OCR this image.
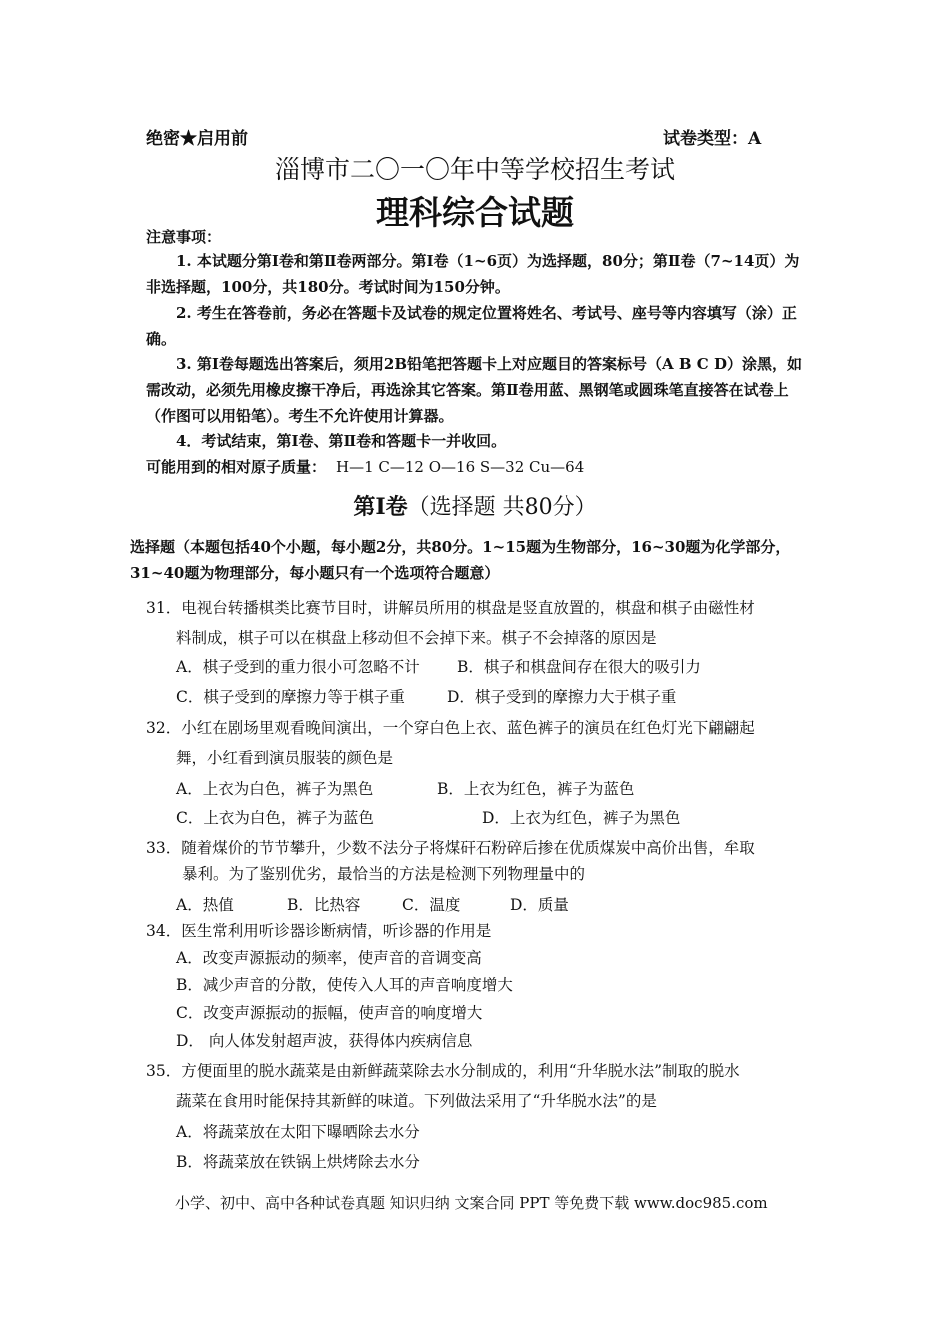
绝密★启用前	试卷类型：A
淄博市二〇一〇年中等学校招生考试
理科综合试题
注意事项：
1. 本试题分第Ⅰ卷和第Ⅱ卷两部分。第Ⅰ卷（1~6页）为选择题，80分；第Ⅱ卷（7~14页）为非选择题，100分，共180分。考试时间为150分钟。
2. 考生在答卷前，务必在答题卡及试卷的规定位置将姓名、考试号、座号等内容填写（涂）正确。
3. 第Ⅰ卷每题选出答案后，须用2B铅笔把答题卡上对应题目的答案标号（A B C D）涂黑，如需改动，必须先用橡皮擦干净后，再选涂其它答案。第Ⅱ卷用蓝、黑钢笔或圆珠笔直接答在试卷上（作图可以用铅笔）。考生不允许使用计算器。
4．考试结束，第Ⅰ卷、第Ⅱ卷和答题卡一并收回。
可能用到的相对原子质量： H—1 C—12 O—16 S—32 Cu—64
第Ⅰ卷（选择题 共80分）
选择题（本题包括40个小题，每小题2分，共80分。1~15题为生物部分，16~30题为化学部分，31~40题为物理部分，每小题只有一个选项符合题意）
31．电视台转播棋类比赛节目时，讲解员所用的棋盘是竖直放置的，棋盘和棋子由磁性材
料制成，棋子可以在棋盘上移动但不会掉下来。棋子不会掉落的原因是
A．棋子受到的重力很小可忽略不计 B．棋子和棋盘间存在很大的吸引力
C．棋子受到的摩擦力等于棋子重	D．棋子受到的摩擦力大于棋子重
32．小红在剧场里观看晚间演出，一个穿白色上衣、蓝色裤子的演员在红色灯光下翩翩起
舞，小红看到演员服装的颜色是
A．上衣为白色，裤子为黑色	B．上衣为红色，裤子为蓝色
C．上衣为白色，裤子为蓝色	D．上衣为红色，裤子为黑色
33．随着煤价的节节攀升，少数不法分子将煤矸石粉碎后掺在优质煤炭中高价出售，牟取
暴利。为了鉴别优劣，最恰当的方法是检测下列物理量中的
A．热值	B．比热容	C．温度	D．质量
34．医生常利用听诊器诊断病情，听诊器的作用是
A．改变声源振动的频率，使声音的音调变高
B．减少声音的分散，使传入人耳的声音响度增大
C．改变声源振动的振幅，使声音的响度增大
D． 向人体发射超声波，获得体内疾病信息
35．方便面里的脱水蔬菜是由新鲜蔬菜除去水分制成的，利用“升华脱水法”制取的脱水
蔬菜在食用时能保持其新鲜的味道。下列做法采用了“升华脱水法”的是
A．将蔬菜放在太阳下曝晒除去水分
B．将蔬菜放在铁锅上烘烤除去水分
小学、初中、高中各种试卷真题 知识归纳 文案合同 PPT 等免费下载 www.doc985.com
